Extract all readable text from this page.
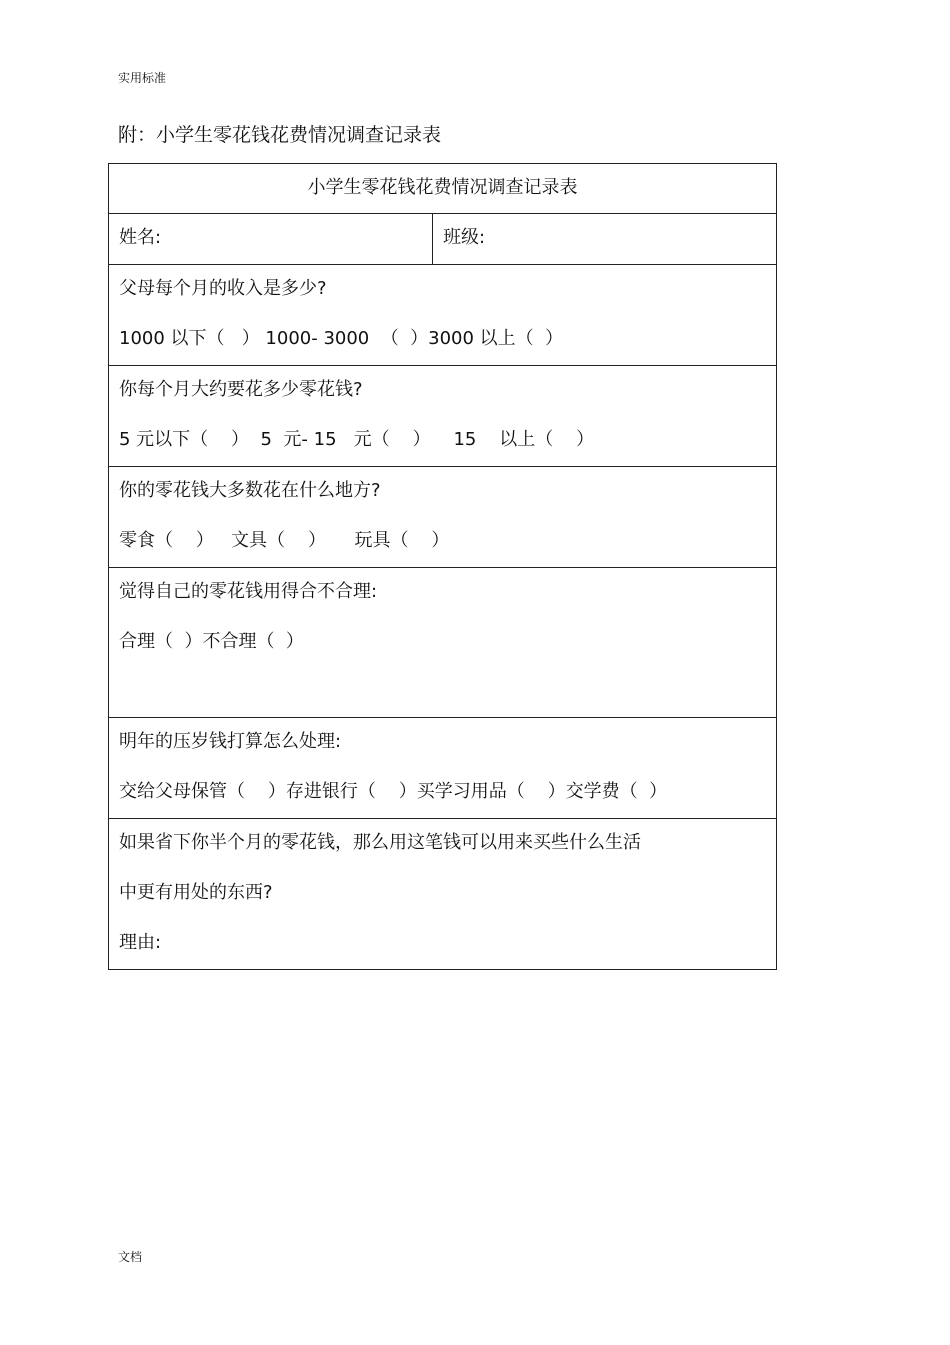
实用标准
附：小学生零花钱花费情况调查记录表
小学生零花钱花费情况调查记录表
姓名:	班级:

父母每个月的收入是多少?
1000 以下（   ） 1000- 3000  （  ）3000 以上（  ）

你每个月大约要花多少零花钱?
5 元以下（    ）  5  元- 15   元（    ）    15    以上（    ）

你的零花钱大多数花在什么地方?
零食（    ）   文具（    ）     玩具（    ）

觉得自己的零花钱用得合不合理:
合理（  ）不合理（  ）

明年的压岁钱打算怎么处理:
交给父母保管（    ）存进银行（    ）买学习用品（    ）交学费（  ）

如果省下你半个月的零花钱，那么用这笔钱可以用来买些什么生活
中更有用处的东西?
理由:
文档
